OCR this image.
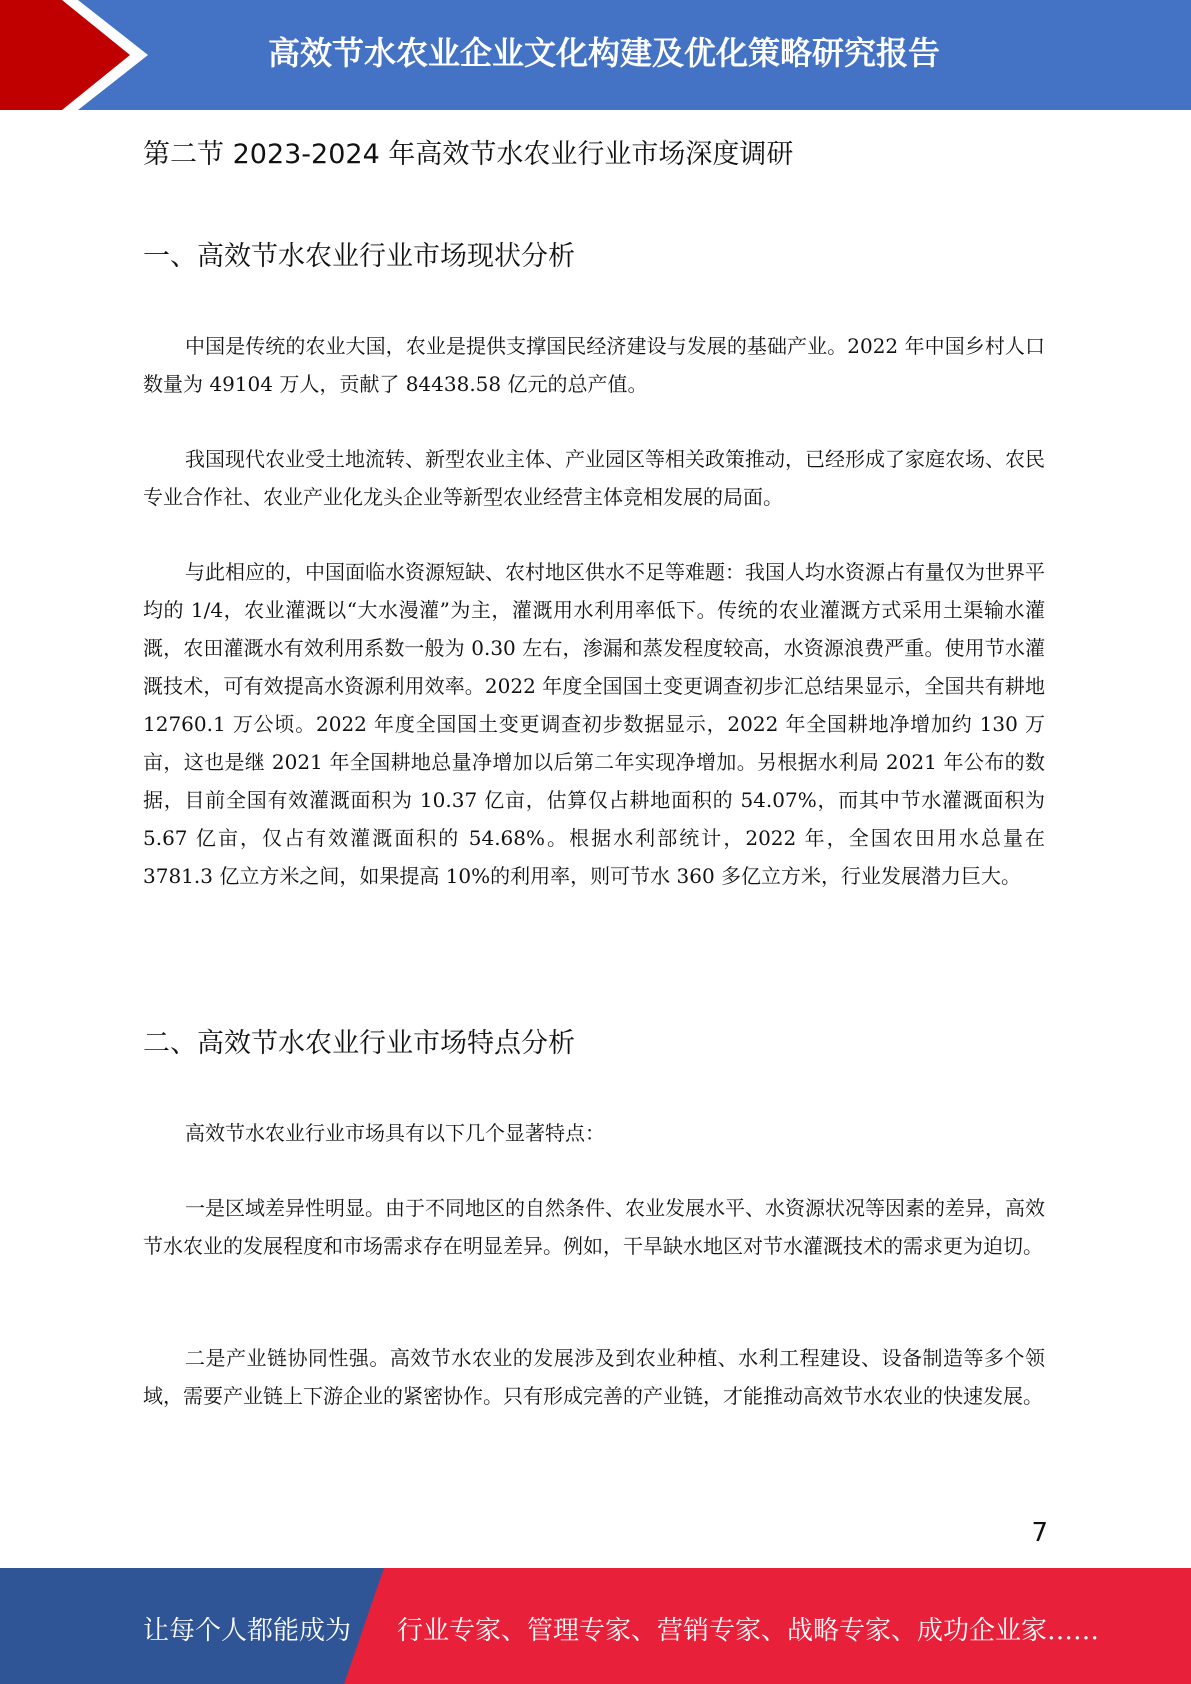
高效节水农业企业文化构建及优化策略研究报告
第二节 2023-2024 年高效节水农业行业市场深度调研
一、高效节水农业行业市场现状分析

中国是传统的农业大国，农业是提供支撑国民经济建设与发展的基础产业。2022 年中国乡村人口数量为 49104 万人，贡献了 84438.58 亿元的总产值。

我国现代农业受土地流转、新型农业主体、产业园区等相关政策推动，已经形成了家庭农场、农民专业合作社、农业产业化龙头企业等新型农业经营主体竞相发展的局面。

与此相应的，中国面临水资源短缺、农村地区供水不足等难题：我国人均水资源占有量仅为世界平均的 1/4，农业灌溉以“大水漫灌”为主，灌溉用水利用率低下。传统的农业灌溉方式采用土渠输水灌溉，农田灌溉水有效利用系数一般为 0.30 左右，渗漏和蒸发程度较高，水资源浪费严重。使用节水灌溉技术，可有效提高水资源利用效率。2022 年度全国国土变更调查初步汇总结果显示，全国共有耕地 12760.1 万公顷。2022 年度全国国土变更调查初步数据显示，2022 年全国耕地净增加约 130 万亩，这也是继 2021 年全国耕地总量净增加以后第二年实现净增加。另根据水利局 2021 年公布的数据，目前全国有效灌溉面积为 10.37 亿亩，估算仅占耕地面积的 54.07%，而其中节水灌溉面积为 5.67 亿亩，仅占有效灌溉面积的 54.68%。根据水利部统计，2022 年，全国农田用水总量在 3781.3 亿立方米之间，如果提高 10%的利用率，则可节水 360 多亿立方米，行业发展潜力巨大。

二、高效节水农业行业市场特点分析

高效节水农业行业市场具有以下几个显著特点：

一是区域差异性明显。由于不同地区的自然条件、农业发展水平、水资源状况等因素的差异，高效节水农业的发展程度和市场需求存在明显差异。例如，干旱缺水地区对节水灌溉技术的需求更为迫切。

二是产业链协同性强。高效节水农业的发展涉及到农业种植、水利工程建设、设备制造等多个领域，需要产业链上下游企业的紧密协作。只有形成完善的产业链，才能推动高效节水农业的快速发展。

7
让每个人都能成为 行业专家、管理专家、营销专家、战略专家、成功企业家……
